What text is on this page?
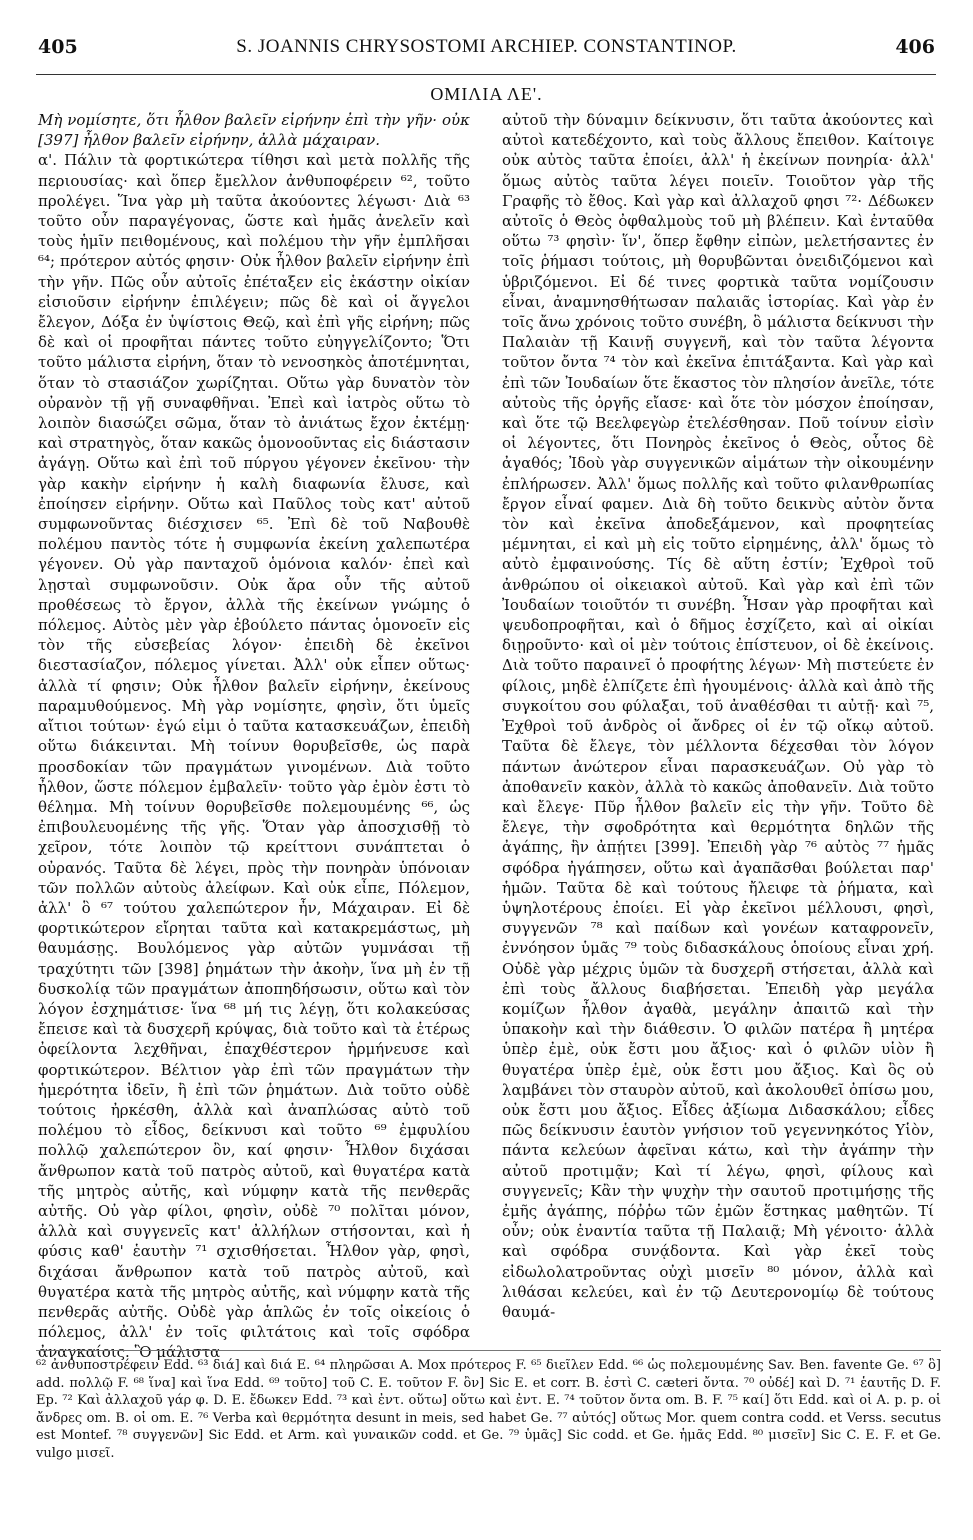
405	S. JOANNIS CHRYSOSTOMI ARCHIEP. CONSTANTINOP.	406
ΟΜΙΛΙΑ ΛΕ'.

Μὴ νομίσητε, ὅτι ἦλθον βαλεῖν εἰρήνην ἐπὶ τὴν γῆν· οὐκ [397] ἦλθον βαλεῖν εἰρήνην, ἀλλὰ μάχαιραν.

α'. Πάλιν τὰ φορτικώτερα τίθησι καὶ μετὰ πολλῆς τῆς περιουσίας· καὶ ὅπερ ἔμελλον ἀνθυποφέρειν ⁶², τοῦτο προλέγει. Ἵνα γὰρ μὴ ταῦτα ἀκούοντες λέγωσι· Διὰ ⁶³ τοῦτο οὖν παραγέγονας, ὥστε καὶ ἡμᾶς ἀνελεῖν καὶ τοὺς ἡμῖν πειθομένους, καὶ πολέμου τὴν γῆν ἐμπλῆσαι ⁶⁴; πρότερον αὐτός φησιν· Οὐκ ἦλθον βαλεῖν εἰρήνην ἐπὶ τὴν γῆν. Πῶς οὖν αὐτοῖς ἐπέταξεν εἰς ἑκάστην οἰκίαν εἰσιοῦσιν εἰρήνην ἐπιλέγειν; πῶς δὲ καὶ οἱ ἄγγελοι ἔλεγον, Δόξα ἐν ὑψίστοις Θεῷ, καὶ ἐπὶ γῆς εἰρήνη; πῶς δὲ καὶ οἱ προφῆται πάντες τοῦτο εὐηγγελίζοντο; Ὅτι τοῦτο μάλιστα εἰρήνη, ὅταν τὸ νενοσηκὸς ἀποτέμνηται, ὅταν τὸ στασιάζον χωρίζηται. Οὕτω γὰρ δυνατὸν τὸν οὐρανὸν τῇ γῇ συναφθῆναι. Ἐπεὶ καὶ ἰατρὸς οὕτω τὸ λοιπὸν διασώζει σῶμα, ὅταν τὸ ἀνιάτως ἔχον ἐκτέμῃ· καὶ στρατηγὸς, ὅταν κακῶς ὁμονοοῦντας εἰς διάστασιν ἀγάγῃ. Οὕτω καὶ ἐπὶ τοῦ πύργου γέγονεν ἐκεῖνου· τὴν γὰρ κακὴν εἰρήνην ἡ καλὴ διαφωνία ἔλυσε, καὶ ἐποίησεν εἰρήνην. Οὕτω καὶ Παῦλος τοὺς κατ' αὐτοῦ συμφωνοῦντας διέσχισεν ⁶⁵. Ἐπὶ δὲ τοῦ Ναβουθὲ πολέμου παντὸς τότε ἡ συμφωνία ἐκείνη χαλεπωτέρα γέγονεν. Οὐ γὰρ πανταχοῦ ὁμόνοια καλόν· ἐπεὶ καὶ λῃσταὶ συμφωνοῦσιν. Οὐκ ἄρα οὖν τῆς αὐτοῦ προθέσεως τὸ ἔργον, ἀλλὰ τῆς ἐκείνων γνώμης ὁ πόλεμος. Αὐτὸς μὲν γὰρ ἐβούλετο πάντας ὁμονοεῖν εἰς τὸν τῆς εὐσεβείας λόγον· ἐπειδὴ δὲ ἐκεῖνοι διεστασίαζον, πόλεμος γίνεται. Ἀλλ' οὐκ εἶπεν οὕτως· ἀλλὰ τί φησιν; Οὐκ ἦλθον βαλεῖν εἰρήνην, ἐκείνους παραμυθούμενος. Μὴ γὰρ νομίσητε, φησὶν, ὅτι ὑμεῖς αἴτιοι τούτων· ἐγώ εἰμι ὁ ταῦτα κατασκευάζων, ἐπειδὴ οὕτω διάκεινται. Μὴ τοίνυν θορυβεῖσθε, ὡς παρὰ προσδοκίαν τῶν πραγμάτων γινομένων. Διὰ τοῦτο ἦλθον, ὥστε πόλεμον ἐμβαλεῖν· τοῦτο γὰρ ἐμὸν ἐστι τὸ θέλημα. Μὴ τοίνυν θορυβεῖσθε πολεμουμένης ⁶⁶, ὡς ἐπιβουλευομένης τῆς γῆς. Ὅταν γὰρ ἀποσχισθῇ τὸ χεῖρον, τότε λοιπὸν τῷ κρείττονι συνάπτεται ὁ οὐρανός. Ταῦτα δὲ λέγει, πρὸς τὴν πονηρὰν ὑπόνοιαν τῶν πολλῶν αὐτοὺς ἀλείφων. Καὶ οὐκ εἶπε, Πόλεμον, ἀλλ' ὃ ⁶⁷ τούτου χαλεπώτερον ἦν, Μάχαιραν. Εἰ δὲ φορτικώτερον εἴρηται ταῦτα καὶ κατακρεμάστως, μὴ θαυμάσῃς. Βουλόμενος γὰρ αὐτῶν γυμνάσαι τῇ τραχύτητι τῶν [398] ῥημάτων τὴν ἀκοὴν, ἵνα μὴ ἐν τῇ δυσκολίᾳ τῶν πραγμάτων ἀποπηδήσωσιν, οὕτω καὶ τὸν λόγον ἐσχημάτισε· ἵνα ⁶⁸ μή τις λέγῃ, ὅτι κολακεύσας ἔπεισε καὶ τὰ δυσχερῆ κρύψας, διὰ τοῦτο καὶ τὰ ἑτέρως ὀφείλοντα λεχθῆναι, ἐπαχθέστερον ἡρμήνευσε καὶ φορτικώτερον. Βέλτιον γὰρ ἐπὶ τῶν πραγμάτων τὴν ἡμερότητα ἰδεῖν, ἢ ἐπὶ τῶν ῥημάτων. Διὰ τοῦτο οὐδὲ τούτοις ἠρκέσθη, ἀλλὰ καὶ ἀναπλώσας αὐτὸ τοῦ πολέμου τὸ εἶδος, δείκνυσι καὶ τοῦτο ⁶⁹ ἐμφυλίου πολλῷ χαλεπώτερον ὂν, καί φησιν· Ἦλθον διχάσαι ἄνθρωπον κατὰ τοῦ πατρὸς αὐτοῦ, καὶ θυγατέρα κατὰ τῆς μητρὸς αὐτῆς, καὶ νύμφην κατὰ τῆς πενθερᾶς αὐτῆς. Οὐ γὰρ φίλοι, φησὶν, οὐδὲ ⁷⁰ πολῖται μόνον, ἀλλὰ καὶ συγγενεῖς κατ' ἀλλήλων στήσονται, καὶ ἡ φύσις καθ' ἑαυτὴν ⁷¹ σχισθήσεται. Ἦλθον γὰρ, φησὶ, διχάσαι ἄνθρωπον κατὰ τοῦ πατρὸς αὐτοῦ, καὶ θυγατέρα κατὰ τῆς μητρὸς αὐτῆς, καὶ νύμφην κατὰ τῆς πενθερᾶς αὐτῆς. Οὐδὲ γὰρ ἁπλῶς ἐν τοῖς οἰκείοις ὁ πόλεμος, ἀλλ' ἐν τοῖς φιλτάτοις καὶ τοῖς σφόδρα ἀναγκαίοις. Ὃ μάλιστα

αὐτοῦ τὴν δύναμιν δείκνυσιν, ὅτι ταῦτα ἀκούοντες καὶ αὐτοὶ κατεδέχοντο, καὶ τοὺς ἄλλους ἔπειθον. Καίτοιγε οὐκ αὐτὸς ταῦτα ἐποίει, ἀλλ' ἡ ἐκείνων πονηρία· ἀλλ' ὅμως αὐτὸς ταῦτα λέγει ποιεῖν. Τοιοῦτον γὰρ τῆς Γραφῆς τὸ ἔθος. Καὶ γὰρ καὶ ἀλλαχοῦ φησι ⁷²· Δέδωκεν αὐτοῖς ὁ Θεὸς ὀφθαλμοὺς τοῦ μὴ βλέπειν. Καὶ ἐνταῦθα οὕτω ⁷³ φησὶν· ἵν', ὅπερ ἔφθην εἰπὼν, μελετήσαντες ἐν τοῖς ῥήμασι τούτοις, μὴ θορυβῶνται ὀνειδιζόμενοι καὶ ὑβριζόμενοι. Εἰ δέ τινες φορτικὰ ταῦτα νομίζουσιν εἶναι, ἀναμνησθήτωσαν παλαιᾶς ἱστορίας. Καὶ γὰρ ἐν τοῖς ἄνω χρόνοις τοῦτο συνέβη, ὃ μάλιστα δείκνυσι τὴν Παλαιὰν τῇ Καινῇ συγγενῆ, καὶ τὸν ταῦτα λέγοντα τοῦτον ὄντα ⁷⁴ τὸν καὶ ἐκεῖνα ἐπιτάξαντα. Καὶ γὰρ καὶ ἐπὶ τῶν Ἰουδαίων ὅτε ἕκαστος τὸν πλησίον ἀνεῖλε, τότε αὐτοὺς τῆς ὀργῆς εἴασε· καὶ ὅτε τὸν μόσχον ἐποίησαν, καὶ ὅτε τῷ Βεελφεγὼρ ἐτελέσθησαν. Ποῦ τοίνυν εἰσὶν οἱ λέγοντες, ὅτι Πονηρὸς ἐκεῖνος ὁ Θεὸς, οὗτος δὲ ἀγαθός; Ἰδοὺ γὰρ συγγενικῶν αἱμάτων τὴν οἰκουμένην ἐπλήρωσεν. Ἀλλ' ὅμως πολλῆς καὶ τοῦτο φιλανθρωπίας ἔργον εἶναί φαμεν. Διὰ δὴ τοῦτο δεικνὺς αὐτὸν ὄντα τὸν καὶ ἐκεῖνα ἀποδεξάμενον, καὶ προφητείας μέμνηται, εἰ καὶ μὴ εἰς τοῦτο εἰρημένης, ἀλλ' ὅμως τὸ αὐτὸ ἐμφαινούσης. Τίς δὲ αὕτη ἐστίν; Ἐχθροὶ τοῦ ἀνθρώπου οἱ οἰκειακοὶ αὐτοῦ. Καὶ γὰρ καὶ ἐπὶ τῶν Ἰουδαίων τοιοῦτόν τι συνέβη. Ἦσαν γὰρ προφῆται καὶ ψευδοπροφῆται, καὶ ὁ δῆμος ἐσχίζετο, καὶ αἱ οἰκίαι διῃροῦντο· καὶ οἱ μὲν τούτοις ἐπίστευον, οἱ δὲ ἐκείνοις. Διὰ τοῦτο παραινεῖ ὁ προφήτης λέγων· Μὴ πιστεύετε ἐν φίλοις, μηδὲ ἐλπίζετε ἐπὶ ἡγουμένοις· ἀλλὰ καὶ ἀπὸ τῆς συγκοίτου σου φύλαξαι, τοῦ ἀναθέσθαι τι αὐτῇ· καὶ ⁷⁵, Ἐχθροὶ τοῦ ἀνδρὸς οἱ ἄνδρες οἱ ἐν τῷ οἴκῳ αὐτοῦ. Ταῦτα δὲ ἔλεγε, τὸν μέλλοντα δέχεσθαι τὸν λόγον πάντων ἀνώτερον εἶναι παρασκευάζων. Οὐ γὰρ τὸ ἀποθανεῖν κακὸν, ἀλλὰ τὸ κακῶς ἀποθανεῖν. Διὰ τοῦτο καὶ ἔλεγε· Πῦρ ἦλθον βαλεῖν εἰς τὴν γῆν. Τοῦτο δὲ ἔλεγε, τὴν σφοδρότητα καὶ θερμότητα δηλῶν τῆς ἀγάπης, ἣν ἀπῄτει [399]. Ἐπειδὴ γὰρ ⁷⁶ αὐτὸς ⁷⁷ ἡμᾶς σφόδρα ἠγάπησεν, οὕτω καὶ ἀγαπᾶσθαι βούλεται παρ' ἡμῶν. Ταῦτα δὲ καὶ τούτους ἤλειφε τὰ ῥήματα, καὶ ὑψηλοτέρους ἐποίει. Εἰ γὰρ ἐκεῖνοι μέλλουσι, φησὶ, συγγενῶν ⁷⁸ καὶ παίδων καὶ γονέων καταφρονεῖν, ἐννόησον ὑμᾶς ⁷⁹ τοὺς διδασκάλους ὁποίους εἶναι χρή. Οὐδὲ γὰρ μέχρις ὑμῶν τὰ δυσχερῆ στήσεται, ἀλλὰ καὶ ἐπὶ τοὺς ἄλλους διαβήσεται. Ἐπειδὴ γὰρ μεγάλα κομίζων ἦλθον ἀγαθὰ, μεγάλην ἀπαιτῶ καὶ τὴν ὑπακοὴν καὶ τὴν διάθεσιν. Ὁ φιλῶν πατέρα ἢ μητέρα ὑπὲρ ἐμὲ, οὐκ ἔστι μου ἄξιος· καὶ ὁ φιλῶν υἱὸν ἢ θυγατέρα ὑπὲρ ἐμὲ, οὐκ ἔστι μου ἄξιος. Καὶ ὃς οὐ λαμβάνει τὸν σταυρὸν αὐτοῦ, καὶ ἀκολουθεῖ ὀπίσω μου, οὐκ ἔστι μου ἄξιος. Εἶδες ἀξίωμα Διδασκάλου; εἶδες πῶς δείκνυσιν ἑαυτὸν γνήσιον τοῦ γεγεννηκότος Υἱὸν, πάντα κελεύων ἀφεῖναι κάτω, καὶ τὴν ἀγάπην τὴν αὐτοῦ προτιμᾷν; Καὶ τί λέγω, φησὶ, φίλους καὶ συγγενεῖς; Κἂν τὴν ψυχὴν τὴν σαυτοῦ προτιμήσῃς τῆς ἐμῆς ἀγάπης, πόῤῥω τῶν ἐμῶν ἕστηκας μαθητῶν. Τί οὖν; οὐκ ἐναντία ταῦτα τῇ Παλαιᾷ; Μὴ γένοιτο· ἀλλὰ καὶ σφόδρα συνᾴδοντα. Καὶ γὰρ ἐκεῖ τοὺς εἰδωλολατροῦντας οὐχὶ μισεῖν ⁸⁰ μόνον, ἀλλὰ καὶ λιθάσαι κελεύει, καὶ ἐν τῷ Δευτερονομίῳ δὲ τούτους θαυμά-

⁶² ἀνθυποστρέφειν Edd. ⁶³ διά] καὶ διά E. ⁶⁴ πληρῶσαι A. Mox πρότερος F. ⁶⁵ διεῖλεν Edd. ⁶⁶ ὡς πολεμουμένης Sav. Ben. favente Ge. ⁶⁷ ὃ] add. πολλῷ F. ⁶⁸ ἵνα] καὶ ἵνα Edd. ⁶⁹ τοῦτο] τοῦ C. E. τοῦτον F. ὂν] Sic E. et corr. B. ἐστὶ C. cæteri ὄντα. ⁷⁰ οὐδέ] καὶ D. ⁷¹ ἑαυτῆς D. F. Ep. ⁷² Καὶ ἀλλαχοῦ γάρ φ. D. E. ἔδωκεν Edd. ⁷³ καὶ ἐντ. οὕτω] οὕτω καὶ ἐντ. E. ⁷⁴ τοῦτον ὄντα om. B. F. ⁷⁵ καί] ὅτι Edd. καὶ οἱ A. p. p. οἱ ἄνδρες om. B. οἱ om. E. ⁷⁶ Verba καὶ θερμότητα desunt in meis, sed habet Ge. ⁷⁷ αὐτός] οὕτως Mor. quem contra codd. et Verss. secutus est Montef. ⁷⁸ συγγενῶν] Sic Edd. et Arm. καὶ γυναικῶν codd. et Ge. ⁷⁹ ὑμᾶς] Sic codd. et Ge. ἡμᾶς Edd. ⁸⁰ μισεῖν] Sic C. E. F. et Ge. vulgo μισεῖ.
